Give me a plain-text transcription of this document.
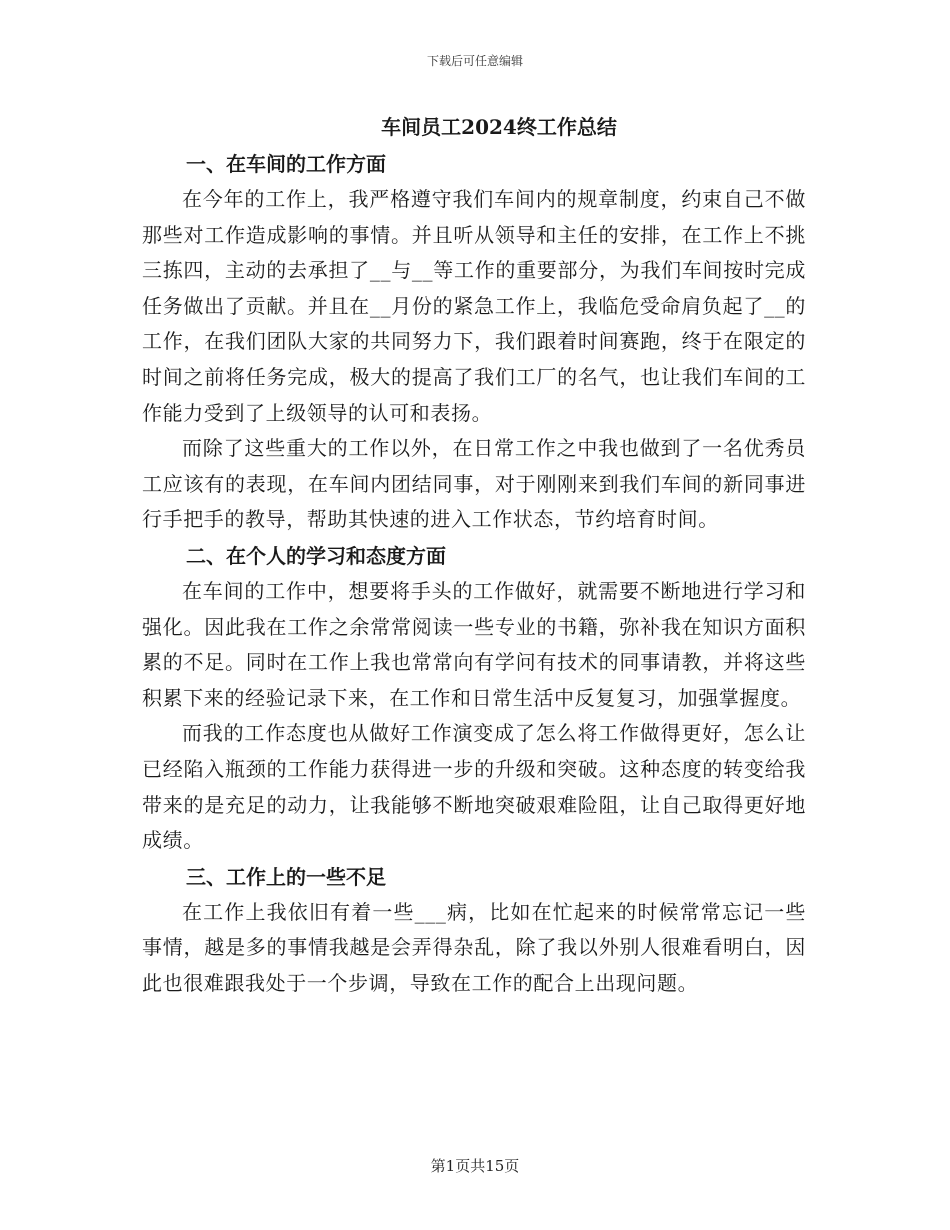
下载后可任意编辑
车间员工2024终工作总结
一、在车间的工作方面

在今年的工作上，我严格遵守我们车间内的规章制度，约束自己不做那些对工作造成影响的事情。并且听从领导和主任的安排，在工作上不挑三拣四，主动的去承担了__与__等工作的重要部分，为我们车间按时完成任务做出了贡献。并且在__月份的紧急工作上，我临危受命肩负起了__的工作，在我们团队大家的共同努力下，我们跟着时间赛跑，终于在限定的时间之前将任务完成，极大的提高了我们工厂的名气，也让我们车间的工作能力受到了上级领导的认可和表扬。

而除了这些重大的工作以外，在日常工作之中我也做到了一名优秀员工应该有的表现，在车间内团结同事，对于刚刚来到我们车间的新同事进行手把手的教导，帮助其快速的进入工作状态，节约培育时间。

二、在个人的学习和态度方面

在车间的工作中，想要将手头的工作做好，就需要不断地进行学习和强化。因此我在工作之余常常阅读一些专业的书籍，弥补我在知识方面积累的不足。同时在工作上我也常常向有学问有技术的同事请教，并将这些积累下来的经验记录下来，在工作和日常生活中反复复习，加强掌握度。

而我的工作态度也从做好工作演变成了怎么将工作做得更好，怎么让已经陷入瓶颈的工作能力获得进一步的升级和突破。这种态度的转变给我带来的是充足的动力，让我能够不断地突破艰难险阻，让自己取得更好地成绩。

三、工作上的一些不足

在工作上我依旧有着一些___病，比如在忙起来的时候常常忘记一些事情，越是多的事情我越是会弄得杂乱，除了我以外别人很难看明白，因此也很难跟我处于一个步调，导致在工作的配合上出现问题。

第1页共15页
